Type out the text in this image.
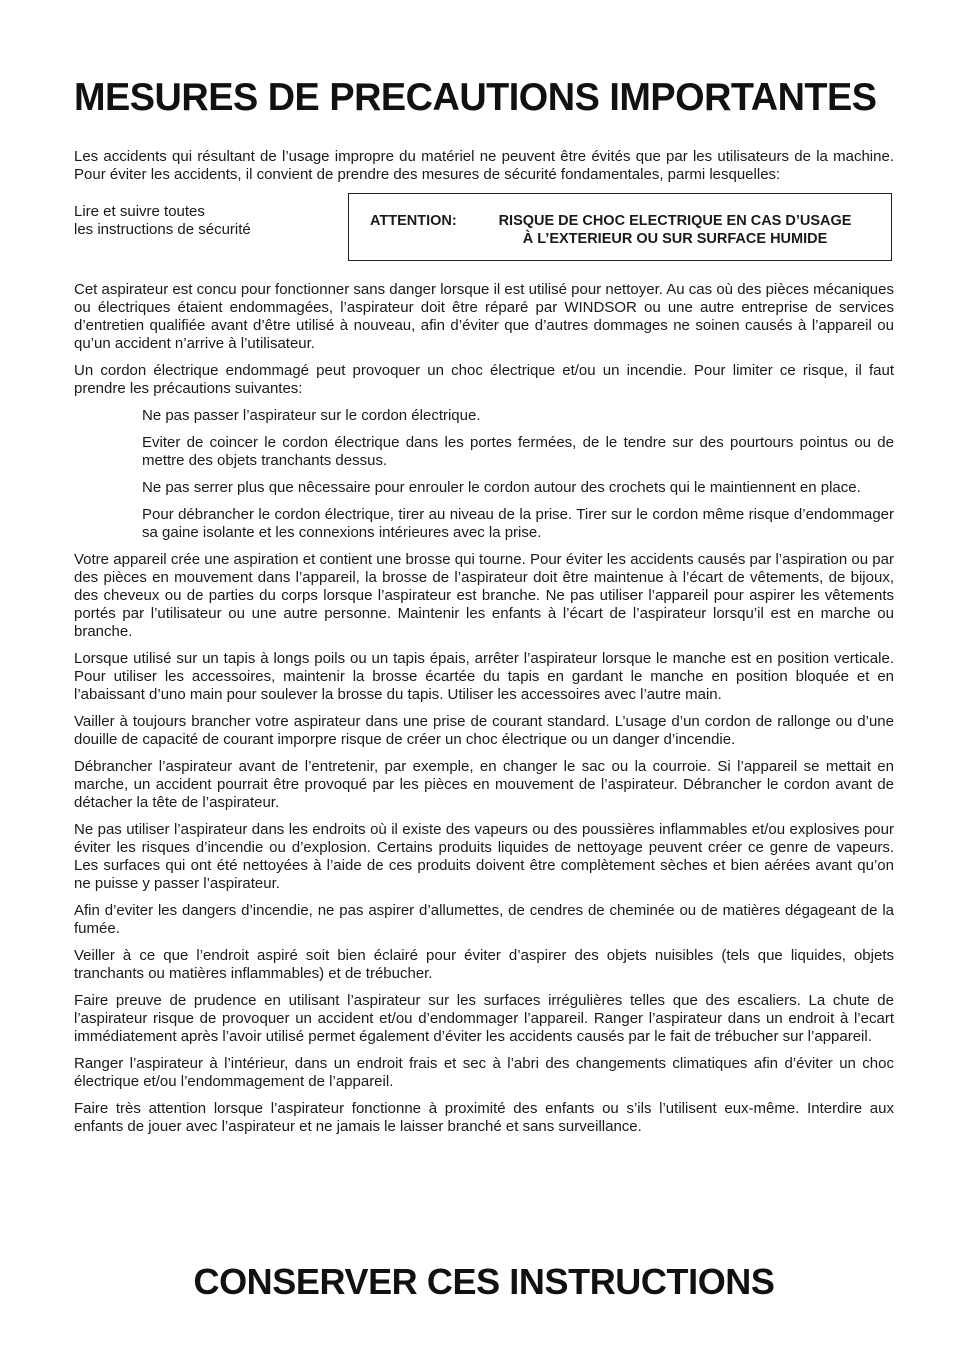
MESURES DE PRECAUTIONS IMPORTANTES

Les accidents qui résultant de l’usage impropre du matériel ne peuvent être évités que par les utilisateurs de la machine. Pour éviter les accidents, il convient de prendre des mesures de sécurité fondamentales, parmi lesquelles:

Lire et suivre toutes
les instructions de sécurité	ATTENTION:	RISQUE DE CHOC ELECTRIQUE EN CAS D’USAGE
À L’EXTERIEUR OU SUR SURFACE HUMIDE

Cet aspirateur est concu pour fonctionner sans danger lorsque il est utilisé pour nettoyer. Au cas où des pièces mécaniques ou électriques étaient endommagées, l’aspirateur doit être réparé par WINDSOR ou une autre entreprise de services d’entretien qualifiée avant d’être utilisé à nouveau, afin d’éviter que d’autres dommages ne soinen causés à l’appareil ou qu’un accident n’arrive à l’utilisateur.

Un cordon électrique endommagé peut provoquer un choc électrique et/ou un incendie. Pour limiter ce risque, il faut prendre les précautions suivantes:

Ne pas passer l’aspirateur sur le cordon électrique.

Eviter de coincer le cordon électrique dans les portes fermées, de le tendre sur des pourtours pointus ou de mettre des objets tranchants dessus.

Ne pas serrer plus que nêcessaire pour enrouler le cordon autour des crochets qui le maintiennent en place.

Pour débrancher le cordon électrique, tirer au niveau de la prise. Tirer sur le cordon même risque d’endommager sa gaine isolante et les connexions intérieures avec la prise.

Votre appareil crée une aspiration et contient une brosse qui tourne. Pour éviter les accidents causés par l’aspiration ou par des pièces en mouvement dans l’appareil, la brosse de l’aspirateur doit être maintenue à l’écart de vêtements, de bijoux, des cheveux ou de parties du corps lorsque l’aspirateur est branche. Ne pas utiliser l’appareil pour aspirer les vêtements portés par l’utilisateur ou une autre personne. Maintenir les enfants à l’écart de l’aspirateur lorsqu’il est en marche ou branche.

Lorsque utilisé sur un tapis à longs poils ou un tapis épais, arrêter l’aspirateur lorsque le manche est en position verticale. Pour utiliser les accessoires, maintenir la brosse écartée du tapis en gardant le manche en position bloquée et en l’abaissant d’uno main pour soulever la brosse du tapis. Utiliser les accessoires avec l’autre main.

Vailler à toujours brancher votre aspirateur dans une prise de courant standard. L’usage d’un cordon de rallonge ou d’une douille de capacité de courant imporpre risque de créer un choc électrique ou un danger d’incendie.

Débrancher l’aspirateur avant de l’entretenir, par exemple, en changer le sac ou la courroie. Si l’appareil se mettait en marche, un accident pourrait être provoqué par les pièces en mouvement de l’aspirateur. Débrancher le cordon avant de détacher la tête de l’aspirateur.

Ne pas utiliser l’aspirateur dans les endroits où il existe des vapeurs ou des poussières inflammables et/ou explosives pour éviter les risques d’incendie ou d’explosion. Certains produits liquides de nettoyage peuvent créer ce genre de vapeurs. Les surfaces qui ont été nettoyées à l’aide de ces produits doivent être complètement sèches et bien aérées avant qu’on ne puisse y passer l’aspirateur.

Afin d’eviter les dangers d’incendie, ne pas aspirer d’allumettes, de cendres de cheminée ou de matières dégageant de la fumée.

Veiller à ce que l’endroit aspiré soit bien éclairé pour éviter d’aspirer des objets nuisibles (tels que liquides, objets tranchants ou matières inflammables) et de trébucher.

Faire preuve de prudence en utilisant l’aspirateur sur les surfaces irrégulières telles que des escaliers. La chute de l’aspirateur risque de provoquer un accident et/ou d’endommager l’appareil. Ranger l’aspirateur dans un endroit à l’ecart immédiatement après l’avoir utilisé permet également d’éviter les accidents causés par le fait de trébucher sur l’appareil.

Ranger l’aspirateur à l’intérieur, dans un endroit frais et sec à l’abri des changements climatiques afin d’éviter un choc électrique et/ou l’endommagement de l’appareil.

Faire très attention lorsque l’aspirateur fonctionne à proximité des enfants ou s’ils l’utilisent eux-même. Interdire aux enfants de jouer avec l’aspirateur et ne jamais le laisser branché et sans surveillance.

CONSERVER CES INSTRUCTIONS
